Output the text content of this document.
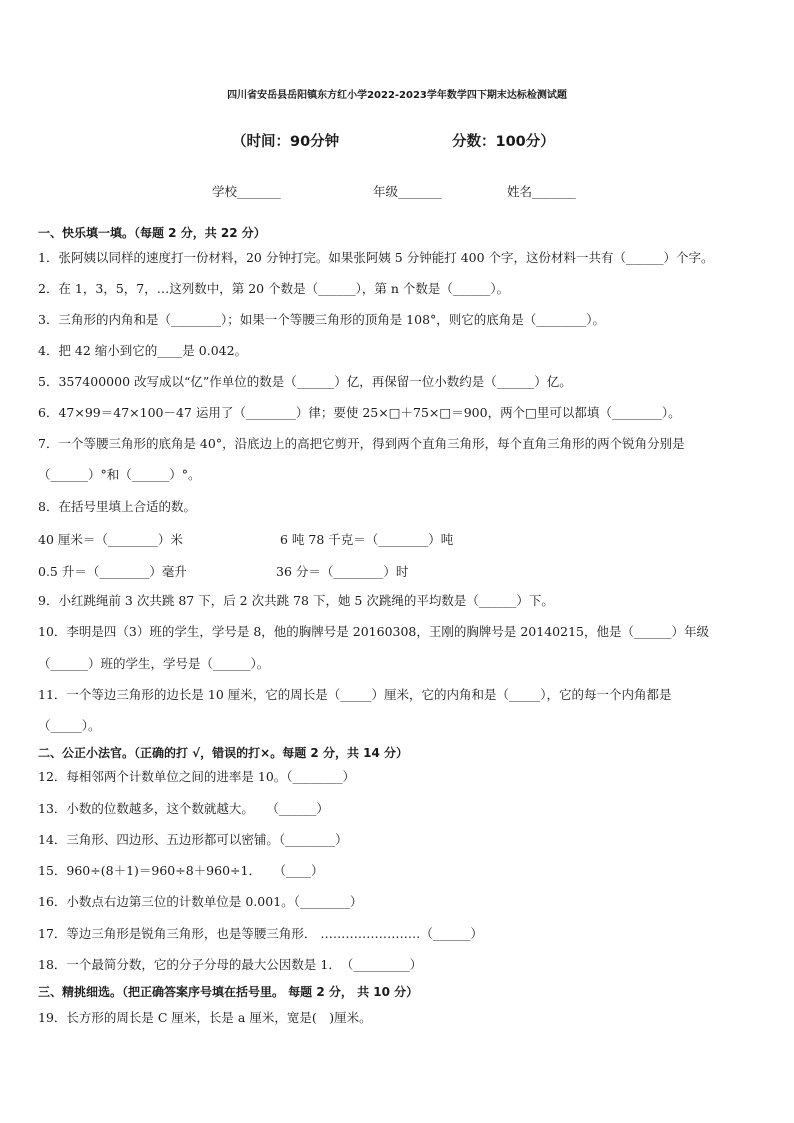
四川省安岳县岳阳镇东方红小学2022-2023学年数学四下期末达标检测试题
（时间：90分钟	分数：100分）
学校_______	年级_______	姓名_______
一、快乐填一填。（每题 2 分，共 22 分）
1．张阿姨以同样的速度打一份材料，20 分钟打完。如果张阿姨 5 分钟能打 400 个字，这份材料一共有（______）个字。
2．在 1，3，5，7，…这列数中，第 20 个数是（______），第 n 个数是（______）。
3．三角形的内角和是（________）；如果一个等腰三角形的顶角是 108°，则它的底角是（________）。
4．把 42 缩小到它的____是 0.042。
5．357400000 改写成以“亿”作单位的数是（______）亿，再保留一位小数约是（______）亿。
6．47×99＝47×100－47 运用了（________）律；要使 25×□＋75×□＝900，两个□里可以都填（________）。
7．一个等腰三角形的底角是 40°，沿底边上的高把它剪开，得到两个直角三角形，每个直角三角形的两个锐角分别是
（______）°和（______）°。
8．在括号里填上合适的数。
40 厘米＝（________）米	6 吨 78 千克＝（________）吨
0.5 升＝（________）毫升	36 分＝（________）时
9．小红跳绳前 3 次共跳 87 下，后 2 次共跳 78 下，她 5 次跳绳的平均数是（______）下。
10．李明是四（3）班的学生，学号是 8，他的胸牌号是 20160308，王刚的胸牌号是 20140215，他是（______）年级
（______）班的学生，学号是（______）。
11．一个等边三角形的边长是 10 厘米，它的周长是（_____）厘米，它的内角和是（_____），它的每一个内角都是
（_____）。
二、公正小法官。（正确的打 √，错误的打×。每题 2 分，共 14 分）
12．每相邻两个计数单位之间的进率是 10。（________）
13．小数的位数越多，这个数就越大。　　（______）
14．三角形、四边形、五边形都可以密铺。（________）
15．960÷(8＋1)＝960÷8＋960÷1．　　（____）
16．小数点右边第三位的计数单位是 0.001。（________）
17．等边三角形是锐角三角形，也是等腰三角形． ……………………（______）
18．一个最简分数，它的分子分母的最大公因数是 1．　（_________）
三、精挑细选。（把正确答案序号填在括号里。 每题 2 分， 共 10 分）
19．长方形的周长是 C 厘米，长是 a 厘米，宽是(　)厘米。
